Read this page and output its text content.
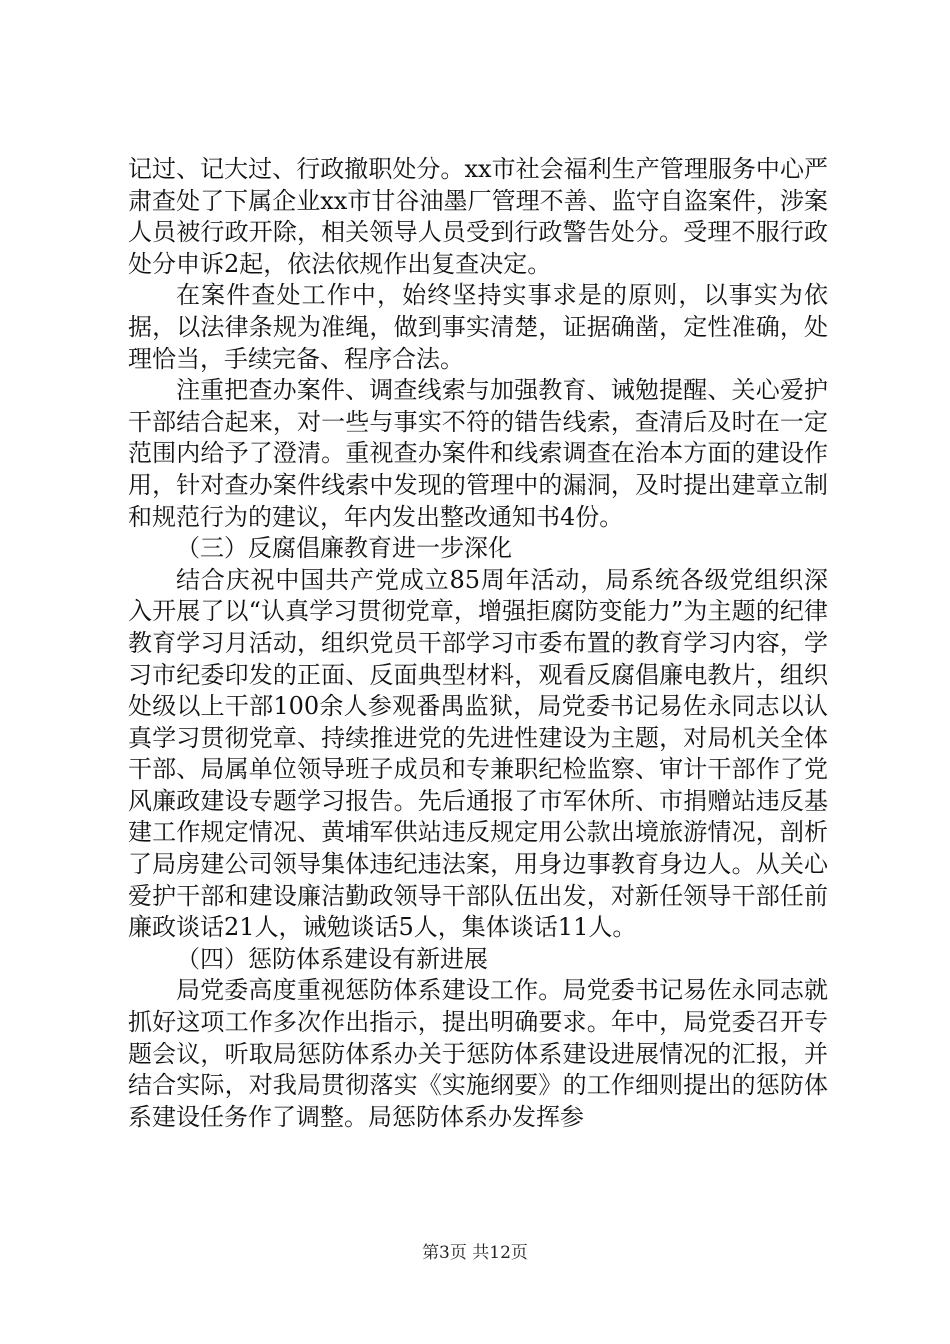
记过、记大过、行政撤职处分。xx市社会福利生产管理服务中心严肃查处了下属企业xx市甘谷油墨厂管理不善、监守自盗案件，涉案人员被行政开除，相关领导人员受到行政警告处分。受理不服行政处分申诉2起，依法依规作出复查决定。

在案件查处工作中，始终坚持实事求是的原则，以事实为依据，以法律条规为准绳，做到事实清楚，证据确凿，定性准确，处理恰当，手续完备、程序合法。

注重把查办案件、调查线索与加强教育、诫勉提醒、关心爱护干部结合起来，对一些与事实不符的错告线索，查清后及时在一定范围内给予了澄清。重视查办案件和线索调查在治本方面的建设作用，针对查办案件线索中发现的管理中的漏洞，及时提出建章立制和规范行为的建议，年内发出整改通知书4份。

（三）反腐倡廉教育进一步深化

结合庆祝中国共产党成立85周年活动，局系统各级党组织深入开展了以“认真学习贯彻党章，增强拒腐防变能力”为主题的纪律教育学习月活动，组织党员干部学习市委布置的教育学习内容，学习市纪委印发的正面、反面典型材料，观看反腐倡廉电教片，组织处级以上干部100余人参观番禺监狱，局党委书记易佐永同志以认真学习贯彻党章、持续推进党的先进性建设为主题，对局机关全体干部、局属单位领导班子成员和专兼职纪检监察、审计干部作了党风廉政建设专题学习报告。先后通报了市军休所、市捐赠站违反基建工作规定情况、黄埔军供站违反规定用公款出境旅游情况，剖析了局房建公司领导集体违纪违法案，用身边事教育身边人。从关心爱护干部和建设廉洁勤政领导干部队伍出发，对新任领导干部任前廉政谈话21人，诫勉谈话5人，集体谈话11人。

（四）惩防体系建设有新进展

局党委高度重视惩防体系建设工作。局党委书记易佐永同志就抓好这项工作多次作出指示，提出明确要求。年中，局党委召开专题会议，听取局惩防体系办关于惩防体系建设进展情况的汇报，并结合实际，对我局贯彻落实《实施纲要》的工作细则提出的惩防体系建设任务作了调整。局惩防体系办发挥参

第3页 共12页
